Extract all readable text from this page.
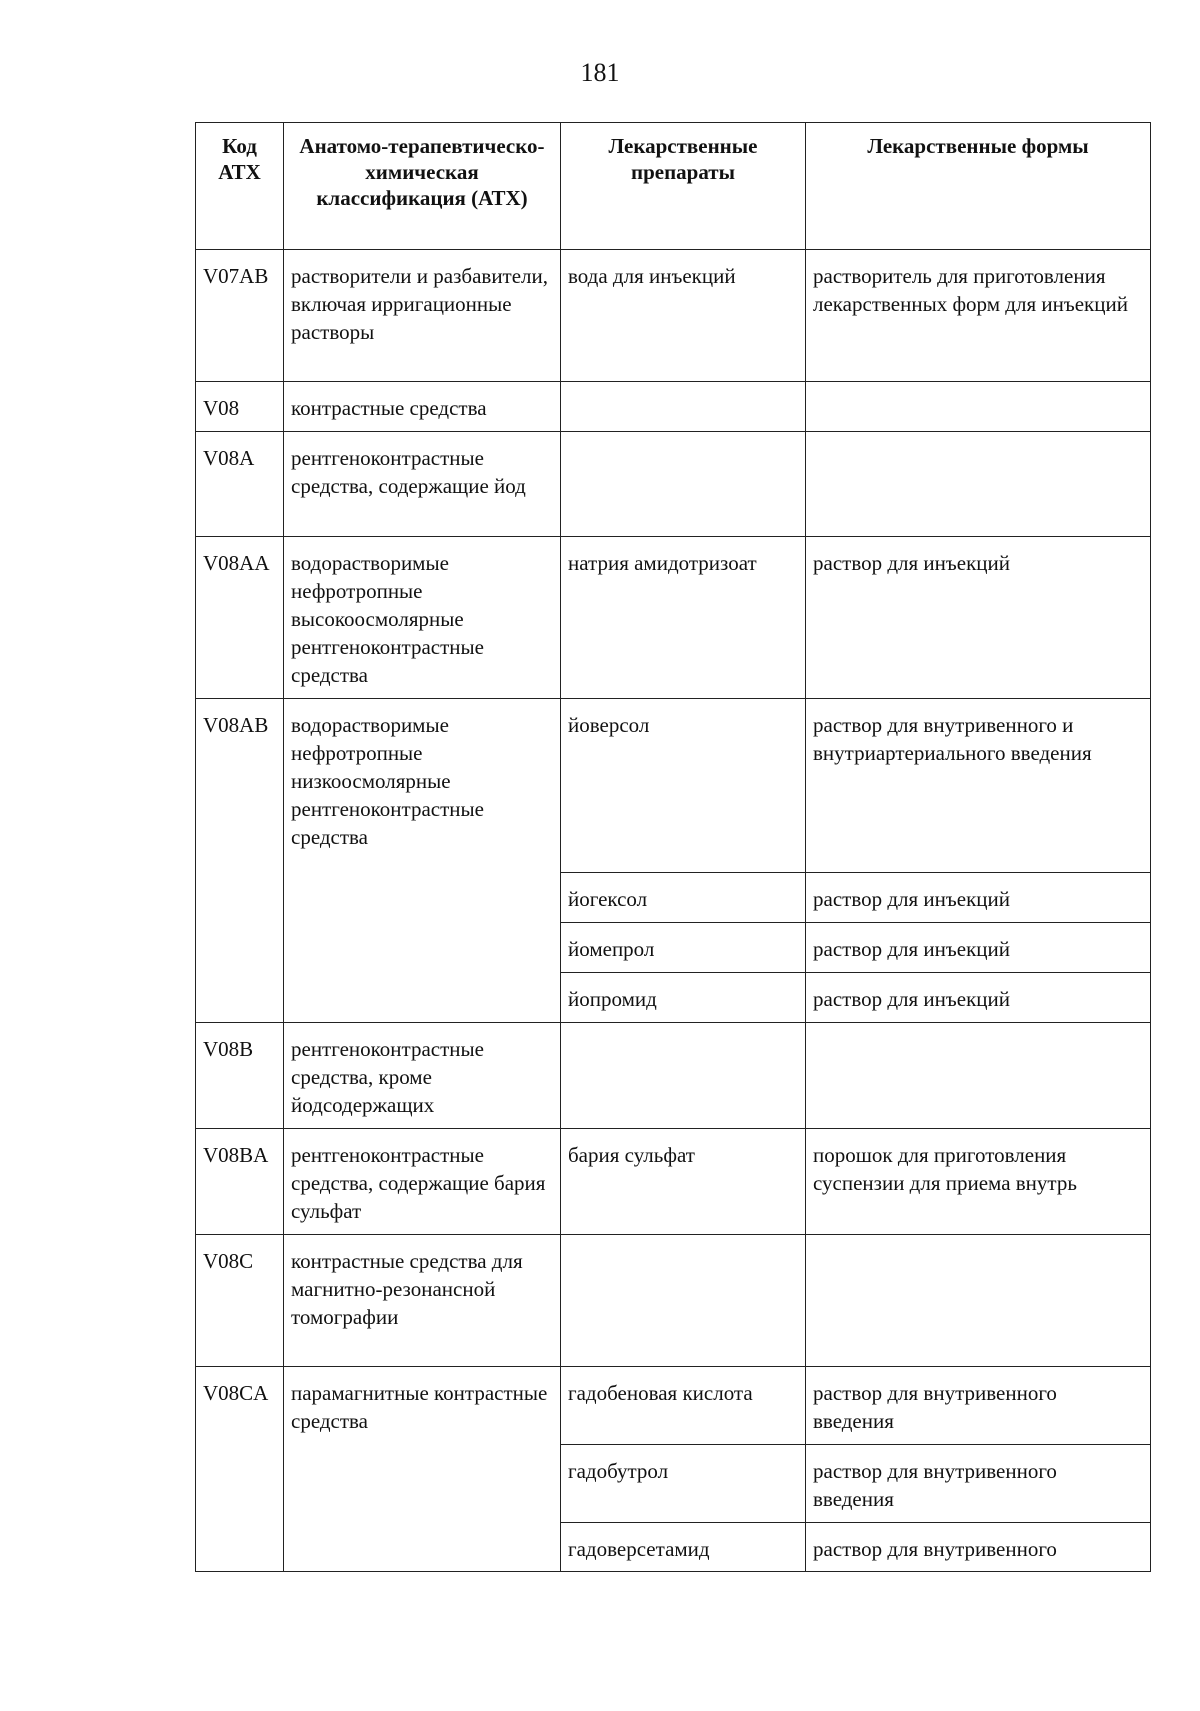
181
Код АТХ	Анатомо-терапевтическо-химическая классификация (АТХ)	Лекарственные препараты	Лекарственные формы
V07AB	растворители и разбавители, включая ирригационные растворы	вода для инъекций	растворитель для приготовления лекарственных форм для инъекций
V08	контрастные средства		
V08A	рентгеноконтрастные средства, содержащие йод		
V08AA	водорастворимые нефротропные высокоосмолярные рентгеноконтрастные средства	натрия амидотризоат	раствор для инъекций
V08AB	водорастворимые нефротропные низкоосмолярные рентгеноконтрастные средства	йоверсол	раствор для внутривенного и внутриартериального введения
		йогексол	раствор для инъекций
		йомепрол	раствор для инъекций
		йопромид	раствор для инъекций
V08B	рентгеноконтрастные средства, кроме йодсодержащих		
V08BA	рентгеноконтрастные средства, содержащие бария сульфат	бария сульфат	порошок для приготовления суспензии для приема внутрь
V08C	контрастные средства для магнитно-резонансной томографии		
V08CA	парамагнитные контрастные средства	гадобеновая кислота	раствор для внутривенного введения
		гадобутрол	раствор для внутривенного введения
		гадоверсетамид	раствор для внутривенного
